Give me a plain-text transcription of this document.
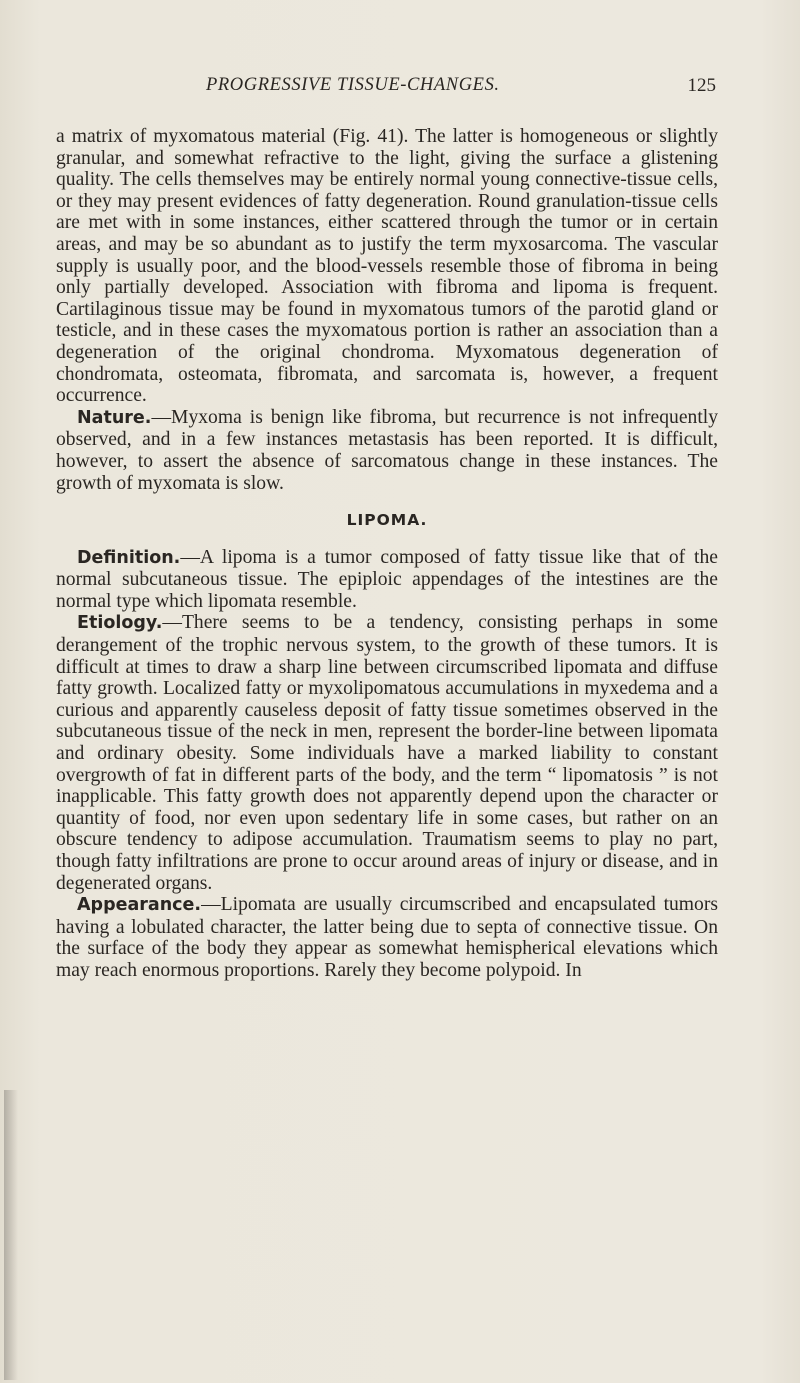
PROGRESSIVE TISSUE-CHANGES.	125

a matrix of myxomatous material (Fig. 41). The latter is homogeneous or slightly granular, and somewhat refractive to the light, giving the surface a glistening quality. The cells themselves may be entirely normal young connective-tissue cells, or they may present evidences of fatty degeneration. Round granulation-tissue cells are met with in some instances, either scattered through the tumor or in certain areas, and may be so abundant as to justify the term myxosarcoma. The vascular supply is usually poor, and the blood-vessels resemble those of fibroma in being only partially developed. Association with fibroma and lipoma is frequent. Cartilaginous tissue may be found in myxomatous tumors of the parotid gland or testicle, and in these cases the myxomatous portion is rather an association than a degeneration of the original chondroma. Myxomatous degeneration of chondromata, osteomata, fibromata, and sarcomata is, however, a frequent occurrence.

Nature.—Myxoma is benign like fibroma, but recurrence is not infrequently observed, and in a few instances metastasis has been reported. It is difficult, however, to assert the absence of sarcomatous change in these instances. The growth of myxomata is slow.

LIPOMA.

Definition.—A lipoma is a tumor composed of fatty tissue like that of the normal subcutaneous tissue. The epiploic appendages of the intestines are the normal type which lipomata resemble.

Etiology.—There seems to be a tendency, consisting perhaps in some derangement of the trophic nervous system, to the growth of these tumors. It is difficult at times to draw a sharp line between circumscribed lipomata and diffuse fatty growth. Localized fatty or myxolipomatous accumulations in myxedema and a curious and apparently causeless deposit of fatty tissue sometimes observed in the subcutaneous tissue of the neck in men, represent the border-line between lipomata and ordinary obesity. Some individuals have a marked liability to constant overgrowth of fat in different parts of the body, and the term “ lipomatosis ” is not inapplicable. This fatty growth does not apparently depend upon the character or quantity of food, nor even upon sedentary life in some cases, but rather on an obscure tendency to adipose accumulation. Traumatism seems to play no part, though fatty infiltrations are prone to occur around areas of injury or disease, and in degenerated organs.

Appearance.—Lipomata are usually circumscribed and encapsulated tumors having a lobulated character, the latter being due to septa of connective tissue. On the surface of the body they appear as somewhat hemispherical elevations which may reach enormous proportions. Rarely they become polypoid. In
